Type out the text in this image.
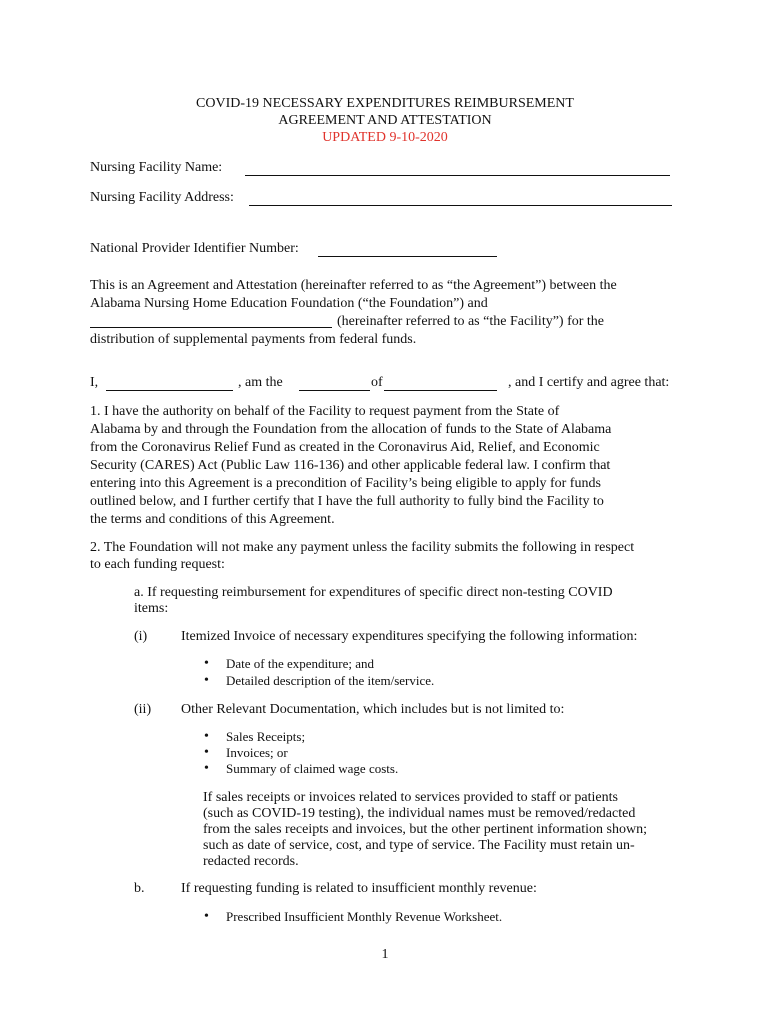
COVID-19 NECESSARY EXPENDITURES REIMBURSEMENT
AGREEMENT AND ATTESTATION
UPDATED 9-10-2020
Nursing Facility Name:
Nursing Facility Address:
National Provider Identifier Number:
This is an Agreement and Attestation (hereinafter referred to as “the Agreement”) between the
Alabama Nursing Home Education Foundation (“the Foundation”) and
(hereinafter referred to as “the Facility”) for the
distribution of supplemental payments from federal funds.
I,	, am the	of	, and I certify and agree that:
1. I have the authority on behalf of the Facility to request payment from the State of
Alabama by and through the Foundation from the allocation of funds to the State of Alabama
from the Coronavirus Relief Fund as created in the Coronavirus Aid, Relief, and Economic
Security (CARES) Act (Public Law 116-136) and other applicable federal law. I confirm that
entering into this Agreement is a precondition of Facility’s being eligible to apply for funds
outlined below, and I further certify that I have the full authority to fully bind the Facility to
the terms and conditions of this Agreement.
2. The Foundation will not make any payment unless the facility submits the following in respect
to each funding request:
a. If requesting reimbursement for expenditures of specific direct non-testing COVID
items:
(i) Itemized Invoice of necessary expenditures specifying the following information:
• Date of the expenditure; and
• Detailed description of the item/service.
(ii) Other Relevant Documentation, which includes but is not limited to:
• Sales Receipts;
• Invoices; or
• Summary of claimed wage costs.
If sales receipts or invoices related to services provided to staff or patients
(such as COVID-19 testing), the individual names must be removed/redacted
from the sales receipts and invoices, but the other pertinent information shown;
such as date of service, cost, and type of service. The Facility must retain un-
redacted records.
b.	If requesting funding is related to insufficient monthly revenue:
• Prescribed Insufficient Monthly Revenue Worksheet.
1
